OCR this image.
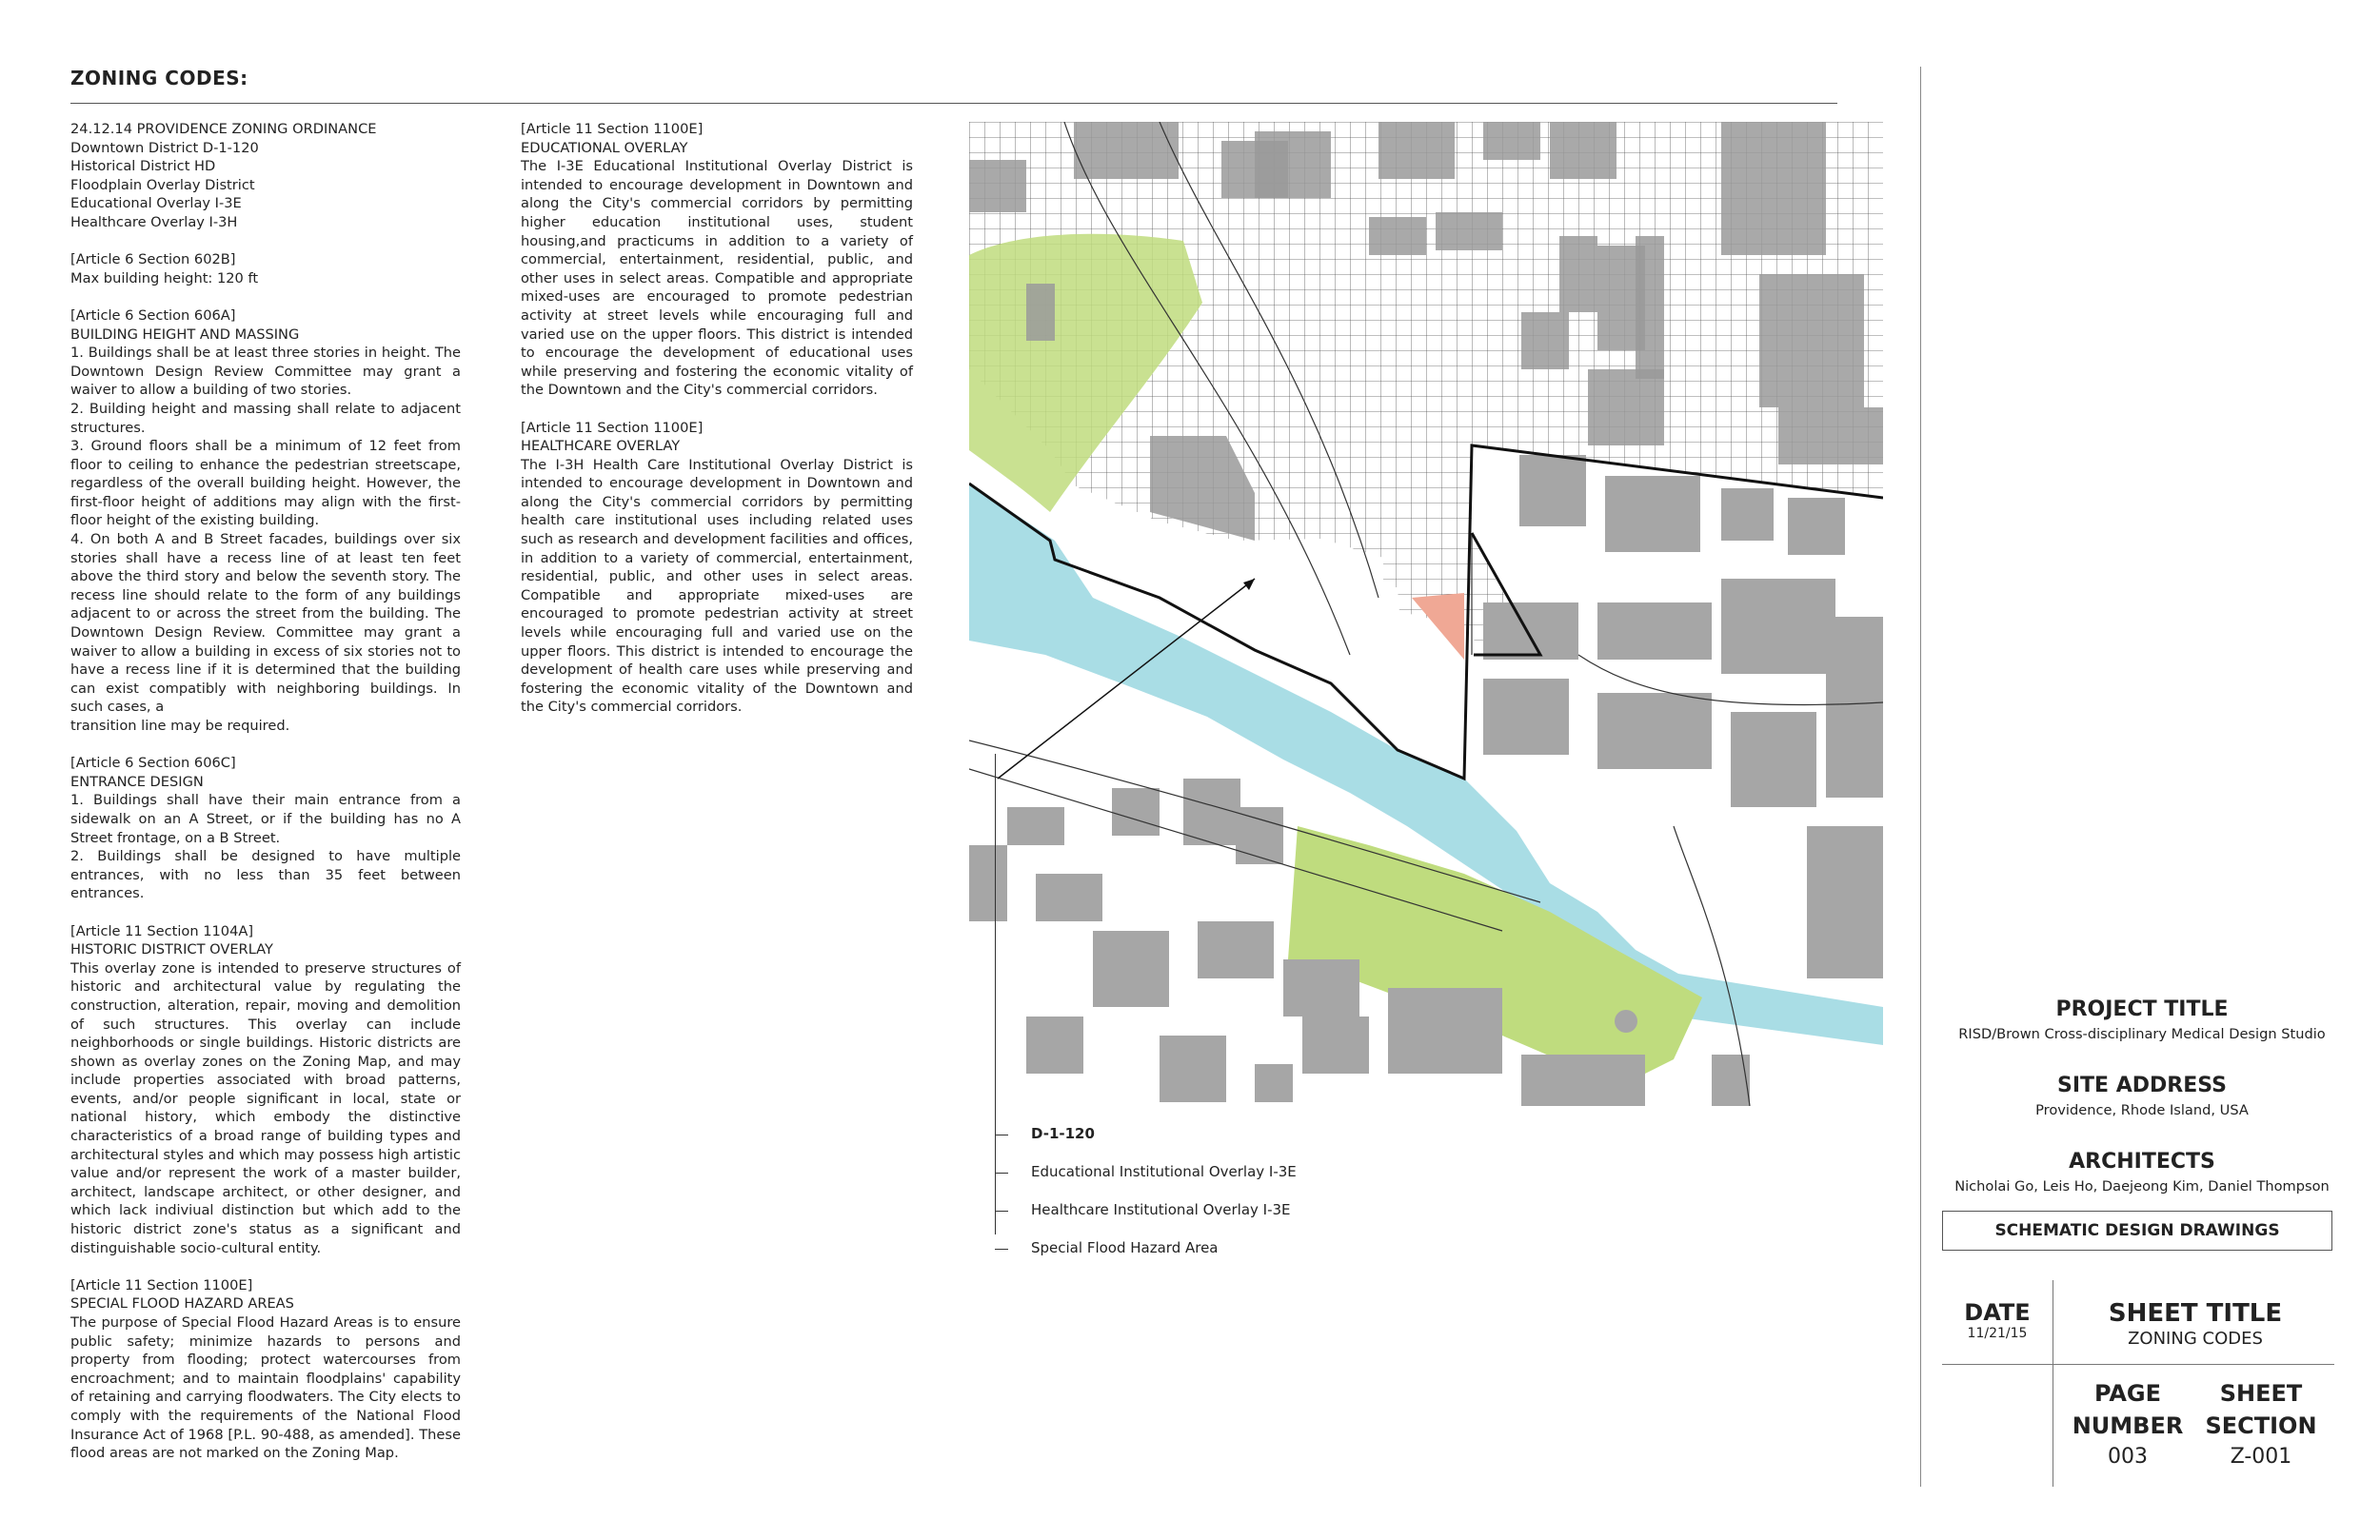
ZONING CODES:

24.12.14 PROVIDENCE ZONING ORDINANCE
Downtown District D-1-120
Historical District HD
Floodplain Overlay District
Educational Overlay I-3E
Healthcare Overlay I-3H

[Article 6 Section 602B]
Max building height: 120 ft

[Article 6 Section 606A]
BUILDING HEIGHT AND MASSING
1. Buildings shall be at least three stories in height. The Downtown Design Review Committee may grant a waiver to allow a building of two stories.
2. Building height and massing shall relate to adjacent structures.
3. Ground floors shall be a minimum of 12 feet from floor to ceiling to enhance the pedestrian streetscape, regardless of the overall building height. However, the first-floor height of additions may align with the first-floor height of the existing building.
4. On both A and B Street facades, buildings over six stories shall have a recess line of at least ten feet above the third story and below the seventh story. The recess line should relate to the form of any buildings adjacent to or across the street from the building. The Downtown Design Review. Committee may grant a waiver to allow a building in excess of six stories not to have a recess line if it is determined that the building can exist compatibly with neighboring buildings. In such cases, a
transition line may be required.

[Article 6 Section 606C]
ENTRANCE DESIGN
1. Buildings shall have their main entrance from a sidewalk on an A Street, or if the building has no A Street frontage, on a B Street.
2. Buildings shall be designed to have multiple entrances, with no less than 35 feet between entrances.

[Article 11 Section 1104A]
HISTORIC DISTRICT OVERLAY
This overlay zone is intended to preserve structures of historic and architectural value by regulating the construction, alteration, repair, moving and demolition of such structures. This overlay can include neighborhoods or single buildings. Historic districts are shown as overlay zones on the Zoning Map, and may include properties associated with broad patterns, events, and/or people significant in local, state or national history, which embody the distinctive characteristics of a broad range of building types and architectural styles and which may possess high artistic value and/or represent the work of a master builder, architect, landscape architect, or other designer, and which lack indiviual distinction but which add to the historic district zone's status as a significant and distinguishable socio-cultural entity.

[Article 11 Section 1100E]
SPECIAL FLOOD HAZARD AREAS
The purpose of Special Flood Hazard Areas is to ensure public safety; minimize hazards to persons and property from flooding; protect watercourses from encroachment; and to maintain floodplains' capability of retaining and carrying floodwaters. The City elects to comply with the requirements of the National Flood Insurance Act of 1968 [P.L. 90-488, as amended]. These flood areas are not marked on the Zoning Map.

[Article 11 Section 1100E]
EDUCATIONAL OVERLAY
The I-3E Educational Institutional Overlay District is intended to encourage development in Downtown and along the City's commercial corridors by permitting higher education institutional uses, student housing,and practicums in addition to a variety of commercial, entertainment, residential, public, and other uses in select areas. Compatible and appropriate mixed-uses are encouraged to promote pedestrian activity at street levels while encouraging full and varied use on the upper floors. This district is intended to encourage the development of educational uses while preserving and fostering the economic vitality of the Downtown and the City's commercial corridors.

[Article 11 Section 1100E]
HEALTHCARE OVERLAY
The I-3H Health Care Institutional Overlay District is intended to encourage development in Downtown and along the City's commercial corridors by permitting health care institutional uses including related uses such as research and development facilities and offices, in addition to a variety of commercial, entertainment, residential, public, and other uses in select areas. Compatible and appropriate mixed-uses are encouraged to promote pedestrian activity at street levels while encouraging full and varied use on the upper floors. This district is intended to encourage the development of health care uses while preserving and fostering the economic vitality of the Downtown and the City's commercial corridors.

D-1-120
Educational Institutional Overlay I-3E
Healthcare Institutional Overlay I-3E
Special Flood Hazard Area
PROJECT TITLE
RISD/Brown Cross-disciplinary Medical Design Studio
SITE ADDRESS
Providence, Rhode Island, USA
ARCHITECTS
Nicholai Go, Leis Ho, Daejeong Kim, Daniel Thompson
SCHEMATIC DESIGN DRAWINGS
DATE
11/21/15
SHEET TITLE
ZONING CODES
PAGE
NUMBER
003
SHEET
SECTION
Z-001
